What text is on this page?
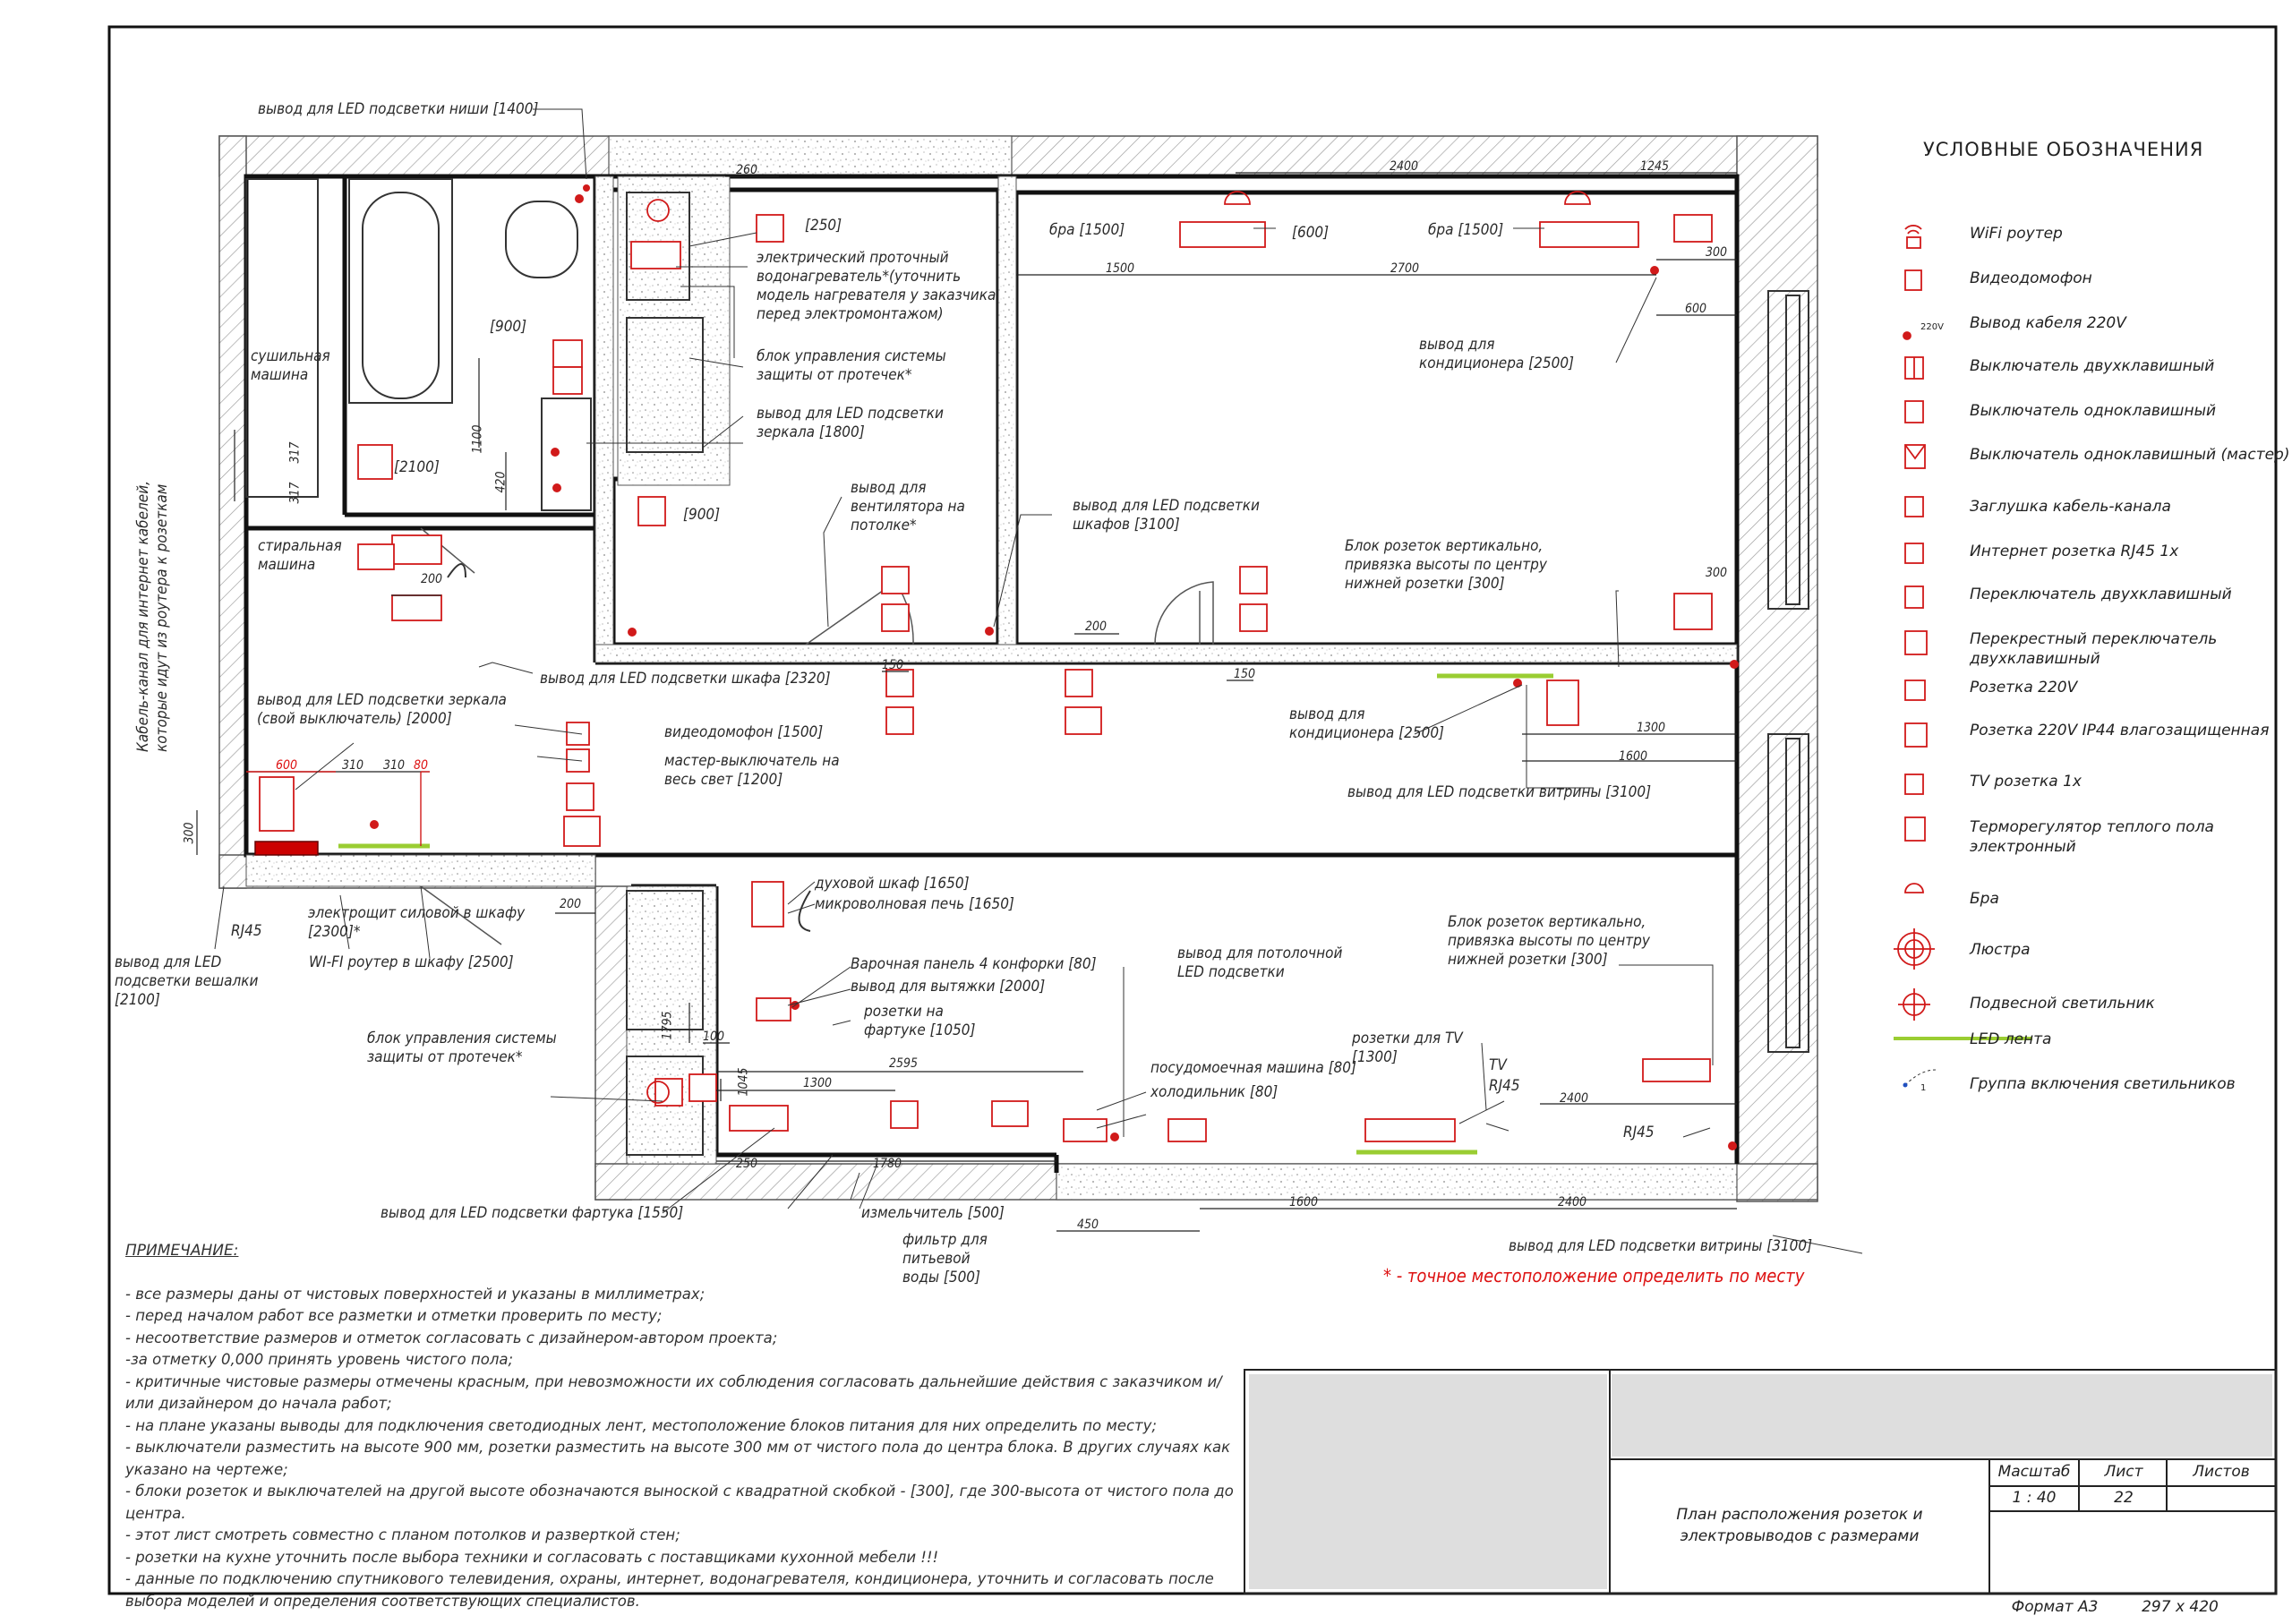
УСЛОВНЫЕ ОБОЗНАЧЕНИЯ
WiFi роутер
Видеодомофон
Вывод кабеля 220V
220V
Выключатель двухклавишный
Выключатель одноклавишный
Выключатель одноклавишный (мастер)
Заглушка кабель-канала
Интернет розетка RJ45 1x
Переключатель двухклавишный
Перекрестный переключатель двухклавишный
Розетка 220V
Розетка 220V IP44 влагозащищенная
TV розетка 1x
Терморегулятор теплого пола электронный
Бра
Люстра
Подвесной светильник
LED лента
Группа включения светильников
1
вывод для LED подсветки ниши [1400]
[250]
электрический проточный водонагреватель*(уточнить модель нагревателя у заказчика перед электромонтажом)
блок управления системы защиты от протечек*
вывод для LED подсветки зеркала [1800]
вывод для вентилятора на потолке*
вывод для LED подсветки шкафов [3100]
[900]
[900]
[2100]
сушильная машина
стиральная машина
бра [1500]	[600]	бра [1500]
вывод для кондиционера [2500]
Блок розеток вертикально, привязка высоты по центру нижней розетки [300]
Кабель-канал для интернет кабелей, которые идут из роутера к розеткам	вывод для LED подсветки зеркала (свой выключатель) [2000]
вывод для LED подсветки шкафа [2320]
видеодомофон [1500]
мастер-выключатель на весь свет [1200]
вывод для кондиционера [2500]
вывод для LED подсветки витрины [3100]
электрощит силовой в шкафу [2300]*
WI-FI роутер в шкафу [2500]
RJ45
вывод для LED подсветки вешалки [2100]
духовой шкаф [1650]
микроволновая печь [1650]
Варочная панель 4 конфорки [80]
вывод для вытяжки [2000]
розетки на фартуке [1050]
вывод для потолочной LED подсветки
Блок розеток вертикально, привязка высоты по центру нижней розетки [300]
блок управления системы защиты от протечек*
посудомоечная машина [80]
холодильник [80]
розетки для TV [1300]	TV
RJ45
RJ45
вывод для LED подсветки фартука [1550]	измельчитель [500]
фильтр для питьевой воды [500]
вывод для LED подсветки витрины [3100]
* - точное местоположение определить по месту
260	2400	1245
1500	2700
300
600
1100
420
317
317
200
200
150
150
300
1300
1600
600	310 310 80
300
200
1795 100
1045	1300
2595
250	1780
2400
450
1600	2400
ПРИМЕЧАНИЕ:
- все размеры даны от чистовых поверхностей и указаны в миллиметрах;
- перед началом работ все разметки и отметки проверить по месту;
- несоответствие размеров и отметок согласовать с дизайнером-автором проекта;
-за отметку 0,000 принять уровень чистого пола;
- критичные чистовые размеры отмечены красным, при невозможности их соблюдения согласовать дальнейшие действия с заказчиком и/или дизайнером до начала работ;
- на плане указаны выводы для подключения светодиодных лент, местоположение блоков питания для них определить по месту;
- выключатели разместить на высоте 900 мм, розетки разместить на высоте 300 мм от чистого пола до центра блока. В других случаях как указано на чертеже;
- блоки розеток и выключателей на другой высоте обозначаются выноской с квадратной скобкой - [300], где 300-высота от чистого пола до центра.
- этот лист смотреть совместно с планом потолков и разверткой стен;
- розетки на кухне уточнить после выбора техники и согласовать с поставщиками кухонной мебели !!!
- данные по подключению спутникового телевидения, охраны, интернет, водонагревателя, кондиционера, уточнить и согласовать после выбора моделей и определения соответствующих специалистов.
План расположения розеток и электровыводов с размерами
Масштаб	Лист	Листов
1 : 40	22
Формат А3	297 x 420
